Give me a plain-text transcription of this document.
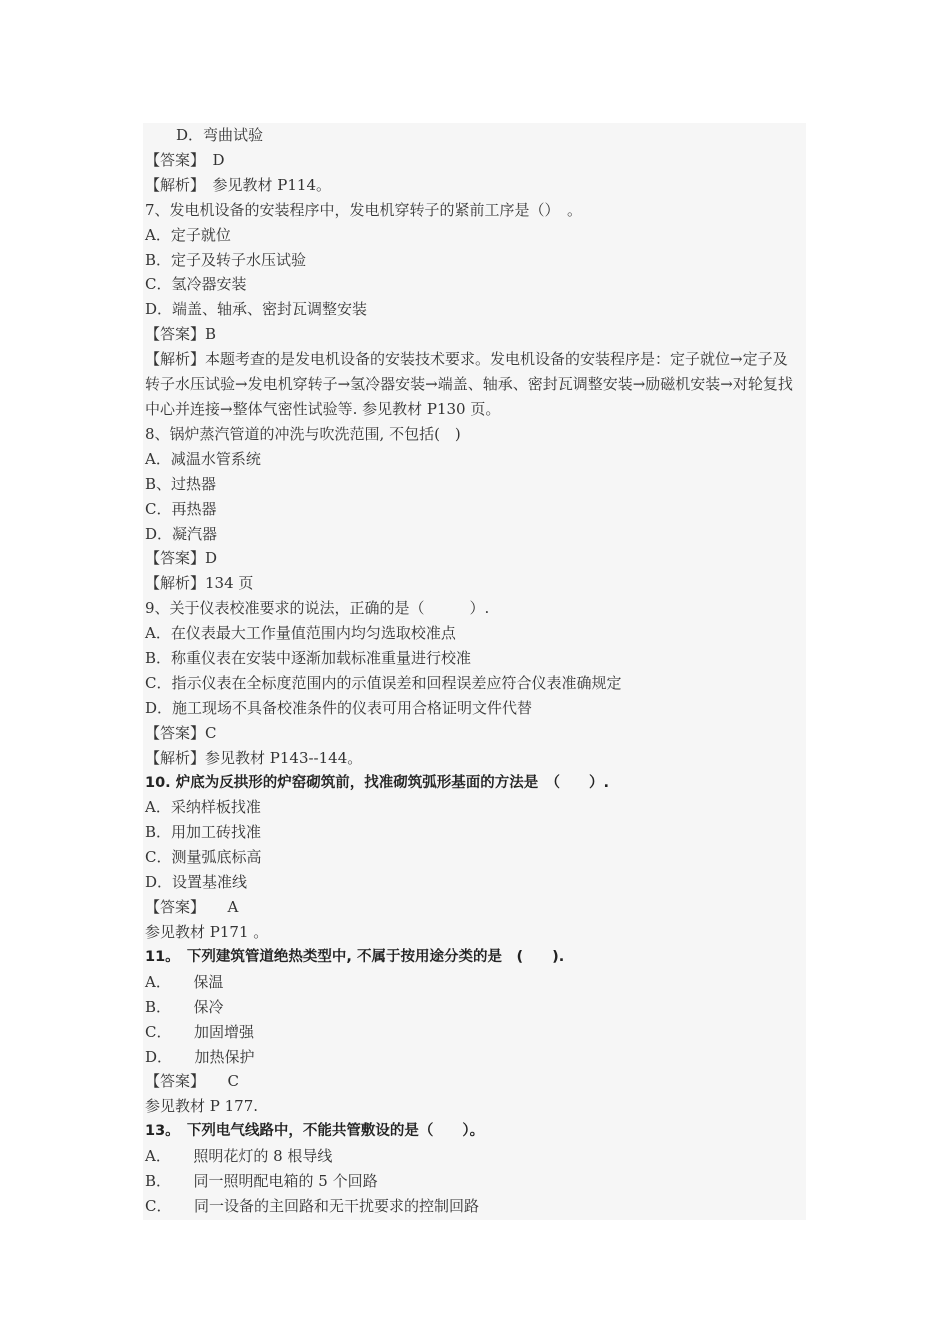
D．弯曲试验
【答案】　D
【解析】　参见教材 P114。
7、发电机设备的安装程序中，发电机穿转子的紧前工序是（）　。
A．定子就位
B．定子及转子水压试验
C．氢冷器安装
D．端盖、轴承、密封瓦调整安装
【答案】B
【解析】本题考查的是发电机设备的安装技术要求。发电机设备的安装程序是：定子就位→定子及转子水压试验→发电机穿转子→氢冷器安装→端盖、轴承、密封瓦调整安装→励磁机安装→对轮复找中心并连接→整体气密性试验等. 参见教材 P130 页。
8、锅炉蒸汽管道的冲洗与吹洗范围, 不包括(　)
A．减温水管系统
B、过热器
C．再热器
D．凝汽器
【答案】D
【解析】134 页
9、关于仪表校准要求的说法，正确的是（　　　）.
A．在仪表最大工作量值范围内均匀选取校准点
B．称重仪表在安装中逐渐加载标准重量进行校准
C．指示仪表在全标度范围内的示值误差和回程误差应符合仪表准确规定
D．施工现场不具备校准条件的仪表可用合格证明文件代替
【答案】C
【解析】参见教材 P143--144。
10. 炉底为反拱形的炉窑砌筑前，找准砌筑弧形基面的方法是　（　　）.
A．采纳样板找准
B．用加工砖找准
C．测量弧底标高
D．设置基准线
【答案】　　A
参见教材 P171 。
11。　下列建筑管道绝热类型中, 不属于按用途分类的是　(　　).
A．　　保温
B．　　保冷
C．　　加固增强
D．　　加热保护
【答案】　　C
参见教材 P 177.
13。　下列电气线路中，不能共管敷设的是（　　）。
A．　　照明花灯的 8 根导线
B．　　同一照明配电箱的 5 个回路
C．　　同一设备的主回路和无干扰要求的控制回路
